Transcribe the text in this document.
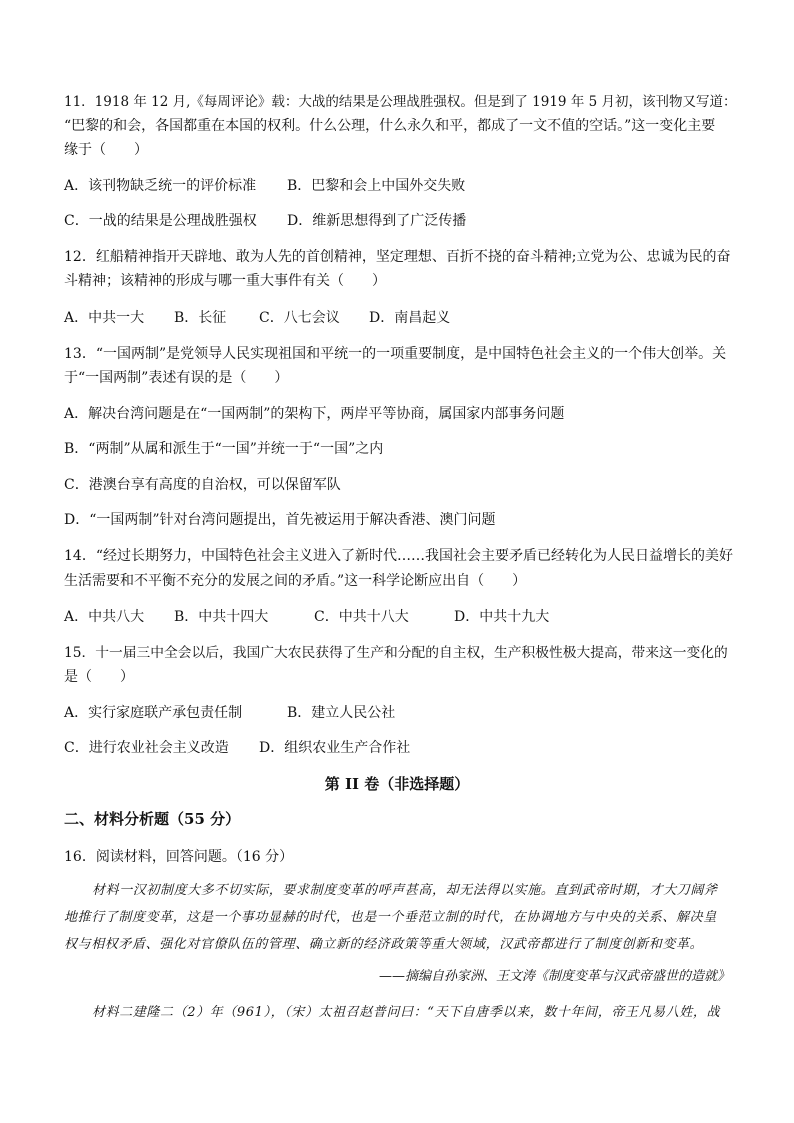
11．1918 年 12 月,《每周评论》载：大战的结果是公理战胜强权。但是到了 1919 年 5 月初，该刊物又写道：
“巴黎的和会，各国都重在本国的权利。什么公理，什么永久和平，都成了一文不值的空话。”这一变化主要
缘于（　　）
A．该刊物缺乏统一的评价标准 B．巴黎和会上中国外交失败
C．一战的结果是公理战胜强权 D．维新思想得到了广泛传播
12．红船精神指开天辟地、敢为人先的首创精神，坚定理想、百折不挠的奋斗精神;立党为公、忠诚为民的奋
斗精神；该精神的形成与哪一重大事件有关（　　）
A．中共一大 B．长征 C．八七会议 D．南昌起义
13．“一国两制”是党领导人民实现祖国和平统一的一项重要制度，是中国特色社会主义的一个伟大创举。关
于“一国两制”表述有误的是（　　）
A．解决台湾问题是在“一国两制”的架构下，两岸平等协商，属国家内部事务问题
B．“两制”从属和派生于“一国”并统一于“一国”之内
C．港澳台享有高度的自治权，可以保留军队
D．“一国两制”针对台湾问题提出，首先被运用于解决香港、澳门问题
14．“经过长期努力，中国特色社会主义进入了新时代……我国社会主要矛盾已经转化为人民日益增长的美好
生活需要和不平衡不充分的发展之间的矛盾。”这一科学论断应出自（　　）
A．中共八大 B．中共十四大	C．中共十八大	D．中共十九大
15．十一届三中全会以后，我国广大农民获得了生产和分配的自主权，生产积极性极大提高，带来这一变化的
是（　　）
A．实行家庭联产承包责任制	B．建立人民公社
C．进行农业社会主义改造 D．组织农业生产合作社
第 II 卷（非选择题）
二、材料分析题（55 分）
16．阅读材料，回答问题。（16 分）
材料一汉初制度大多不切实际，要求制度变革的呼声甚高，却无法得以实施。直到武帝时期，才大刀阔斧
地推行了制度变革，这是一个事功显赫的时代，也是一个垂范立制的时代，在协调地方与中央的关系、解决皇
权与相权矛盾、强化对官僚队伍的管理、确立新的经济政策等重大领域，汉武帝都进行了制度创新和变革。
——摘编自孙家洲、王文涛《制度变革与汉武帝盛世的造就》
材料二建隆二（2）年（961），（宋）太祖召赵普问曰：“天下自唐季以来，数十年间，帝王凡易八姓，战
